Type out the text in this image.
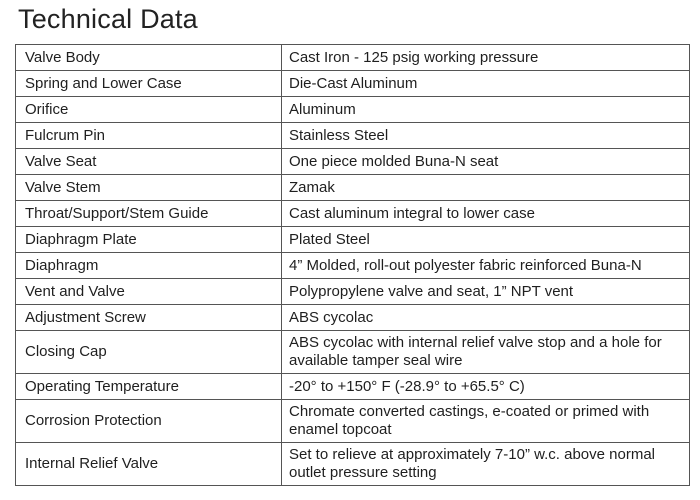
Technical Data
Valve Body	Cast Iron - 125 psig working pressure
Spring and Lower Case	Die-Cast Aluminum
Orifice	Aluminum
Fulcrum Pin	Stainless Steel
Valve Seat	One piece molded Buna-N seat
Valve Stem	Zamak
Throat/Support/Stem Guide	Cast aluminum integral to lower case
Diaphragm Plate	Plated Steel
Diaphragm	4” Molded, roll-out polyester fabric reinforced Buna-N
Vent and Valve	Polypropylene valve and seat, 1” NPT vent
Adjustment Screw	ABS cycolac
Closing Cap	ABS cycolac with internal relief valve stop and a hole for available tamper seal wire
Operating Temperature	-20° to +150° F (-28.9° to +65.5° C)
Corrosion Protection	Chromate converted castings, e-coated or primed with enamel topcoat
Internal Relief Valve	Set to relieve at approximately 7-10” w.c. above normal outlet pressure setting
